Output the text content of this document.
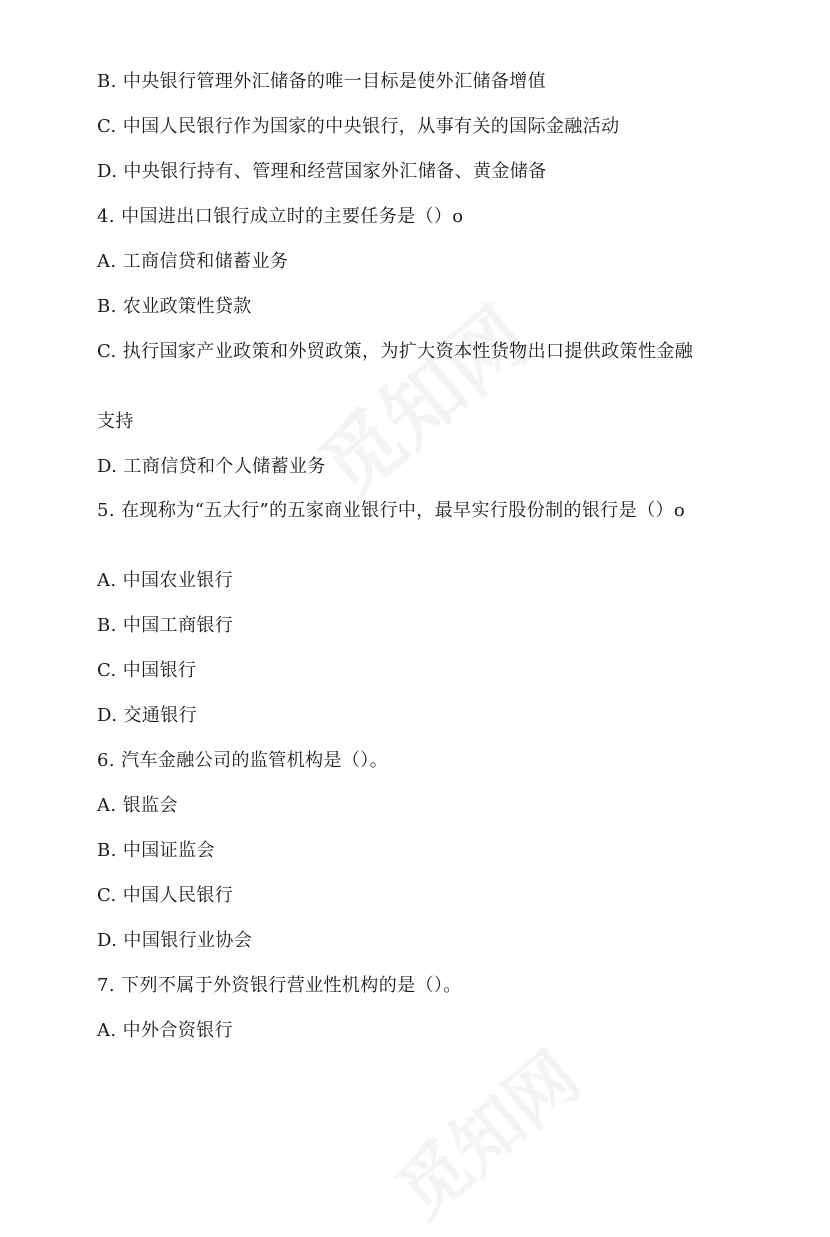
B. 中央银行管理外汇储备的唯一目标是使外汇储备增值
C. 中国人民银行作为国家的中央银行，从事有关的国际金融活动
D. 中央银行持有、管理和经营国家外汇储备、黄金储备
4. 中国进出口银行成立时的主要任务是（）o
A. 工商信贷和储蓄业务
B. 农业政策性贷款
C. 执行国家产业政策和外贸政策，为扩大资本性货物出口提供政策性金融
支持
D. 工商信贷和个人储蓄业务
5. 在现称为“五大行”的五家商业银行中，最早实行股份制的银行是（）o
A. 中国农业银行
B. 中国工商银行
C. 中国银行
D. 交通银行
6. 汽车金融公司的监管机构是（）。
A. 银监会
B. 中国证监会
C. 中国人民银行
D. 中国银行业协会
7. 下列不属于外资银行营业性机构的是（）。
A. 中外合资银行
